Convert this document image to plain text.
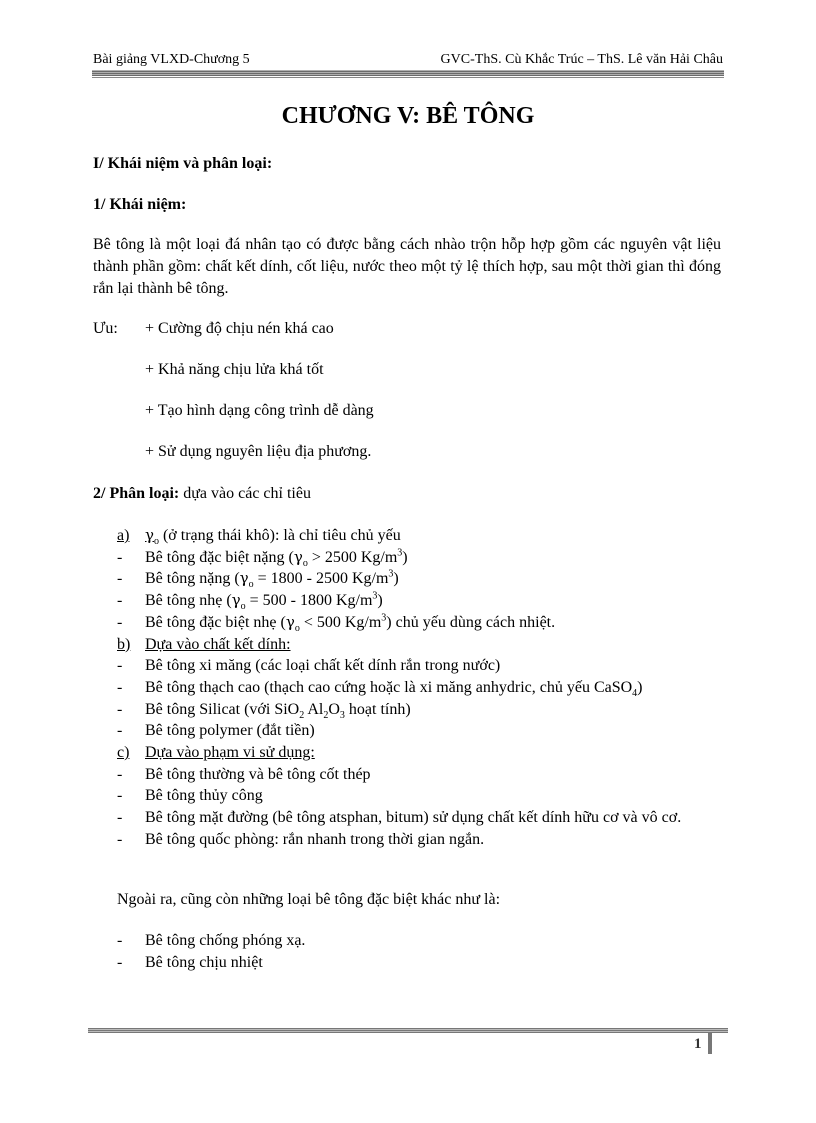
Bài giảng VLXD-Chương 5	GVC-ThS. Cù Khắc Trúc – ThS. Lê văn Hải Châu
CHƯƠNG V: BÊ TÔNG
I/ Khái niệm và phân loại:
1/ Khái niệm:
Bê tông là một loại đá nhân tạo có được bằng cách nhào trộn hỗp hợp gồm các nguyên vật liệu thành phần gồm: chất kết dính, cốt liệu, nước theo một tỷ lệ thích hợp, sau một thời gian thì đóng rắn lại thành bê tông.
Ưu: + Cường độ chịu nén khá cao
+ Khả năng chịu lửa khá tốt
+ Tạo hình dạng công trình dễ dàng
+ Sử dụng nguyên liệu địa phương.
2/ Phân loại: dựa vào các chỉ tiêu
a)	$\gamma_o$ (ở trạng thái khô): là chỉ tiêu chủ yếu
-	Bê tông đặc biệt nặng ($\gamma_o > 2500$ $Kg/m^3$)
-	Bê tông nặng ($\gamma_o = 1800 - 2500$ $Kg/m^3$)
-	Bê tông nhẹ ($\gamma_o = 500 - 1800$ $Kg/m^3$)
-	Bê tông đặc biệt nhẹ ($\gamma_o < 500$ $Kg/m^3$) chủ yếu dùng cách nhiệt.
b) Dựa vào chất kết dính:
-	Bê tông xi măng (các loại chất kết dính rắn trong nước)
-	Bê tông thạch cao (thạch cao cứng hoặc là xi măng anhydric, chủ yếu CaSO$_4$)
-	Bê tông Silicat (với SiO$_2$ $Al_2O_3$ hoạt tính)
-	Bê tông polymer (đắt tiền)
c) Dựa vào phạm vi sử dụng:
-	Bê tông thường và bê tông cốt thép
-	Bê tông thủy công
-	Bê tông mặt đường (bê tông atsphan, bitum) sử dụng chất kết dính hữu cơ và vô cơ.
-	Bê tông quốc phòng: rắn nhanh trong thời gian ngắn.
Ngoài ra, cũng còn những loại bê tông đặc biệt khác như là:
-	Bê tông chống phóng xạ.
-	Bê tông chịu nhiệt
1
